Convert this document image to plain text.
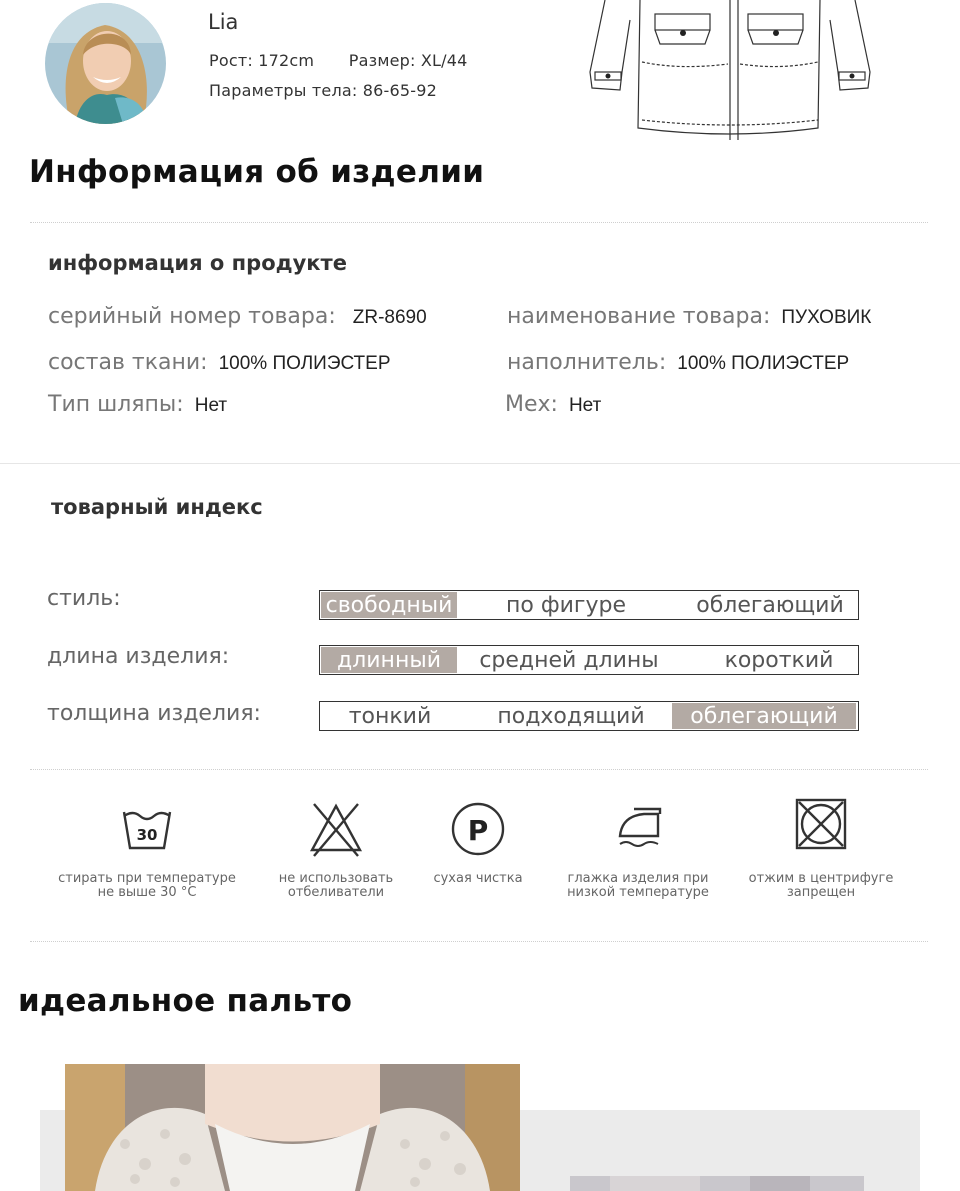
Lia
Рост: 172cm Размер: XL/44
Параметры тела: 86-65-92
Информация об изделии
информация о продукте
серийный номер товара: ZR-8690	наименование товара: ПУХОВИК
состав ткани: 100% ПОЛИЭСТЕР	наполнитель: 100% ПОЛИЭСТЕР
Тип шляпы: Нет	Мех: Нет
товарный индекс
стиль:	свободный	по фигуре	облегающий
длина изделия:	длинный	средней длины	короткий
толщина изделия:	тонкий	подходящий	облегающий
30
стирать при температуре
не выше 30 °C
не использовать
отбеливатели
P
сухая чистка	глажка изделия при
низкой температуре
отжим в центрифуге
запрещен
идеальное пальто
